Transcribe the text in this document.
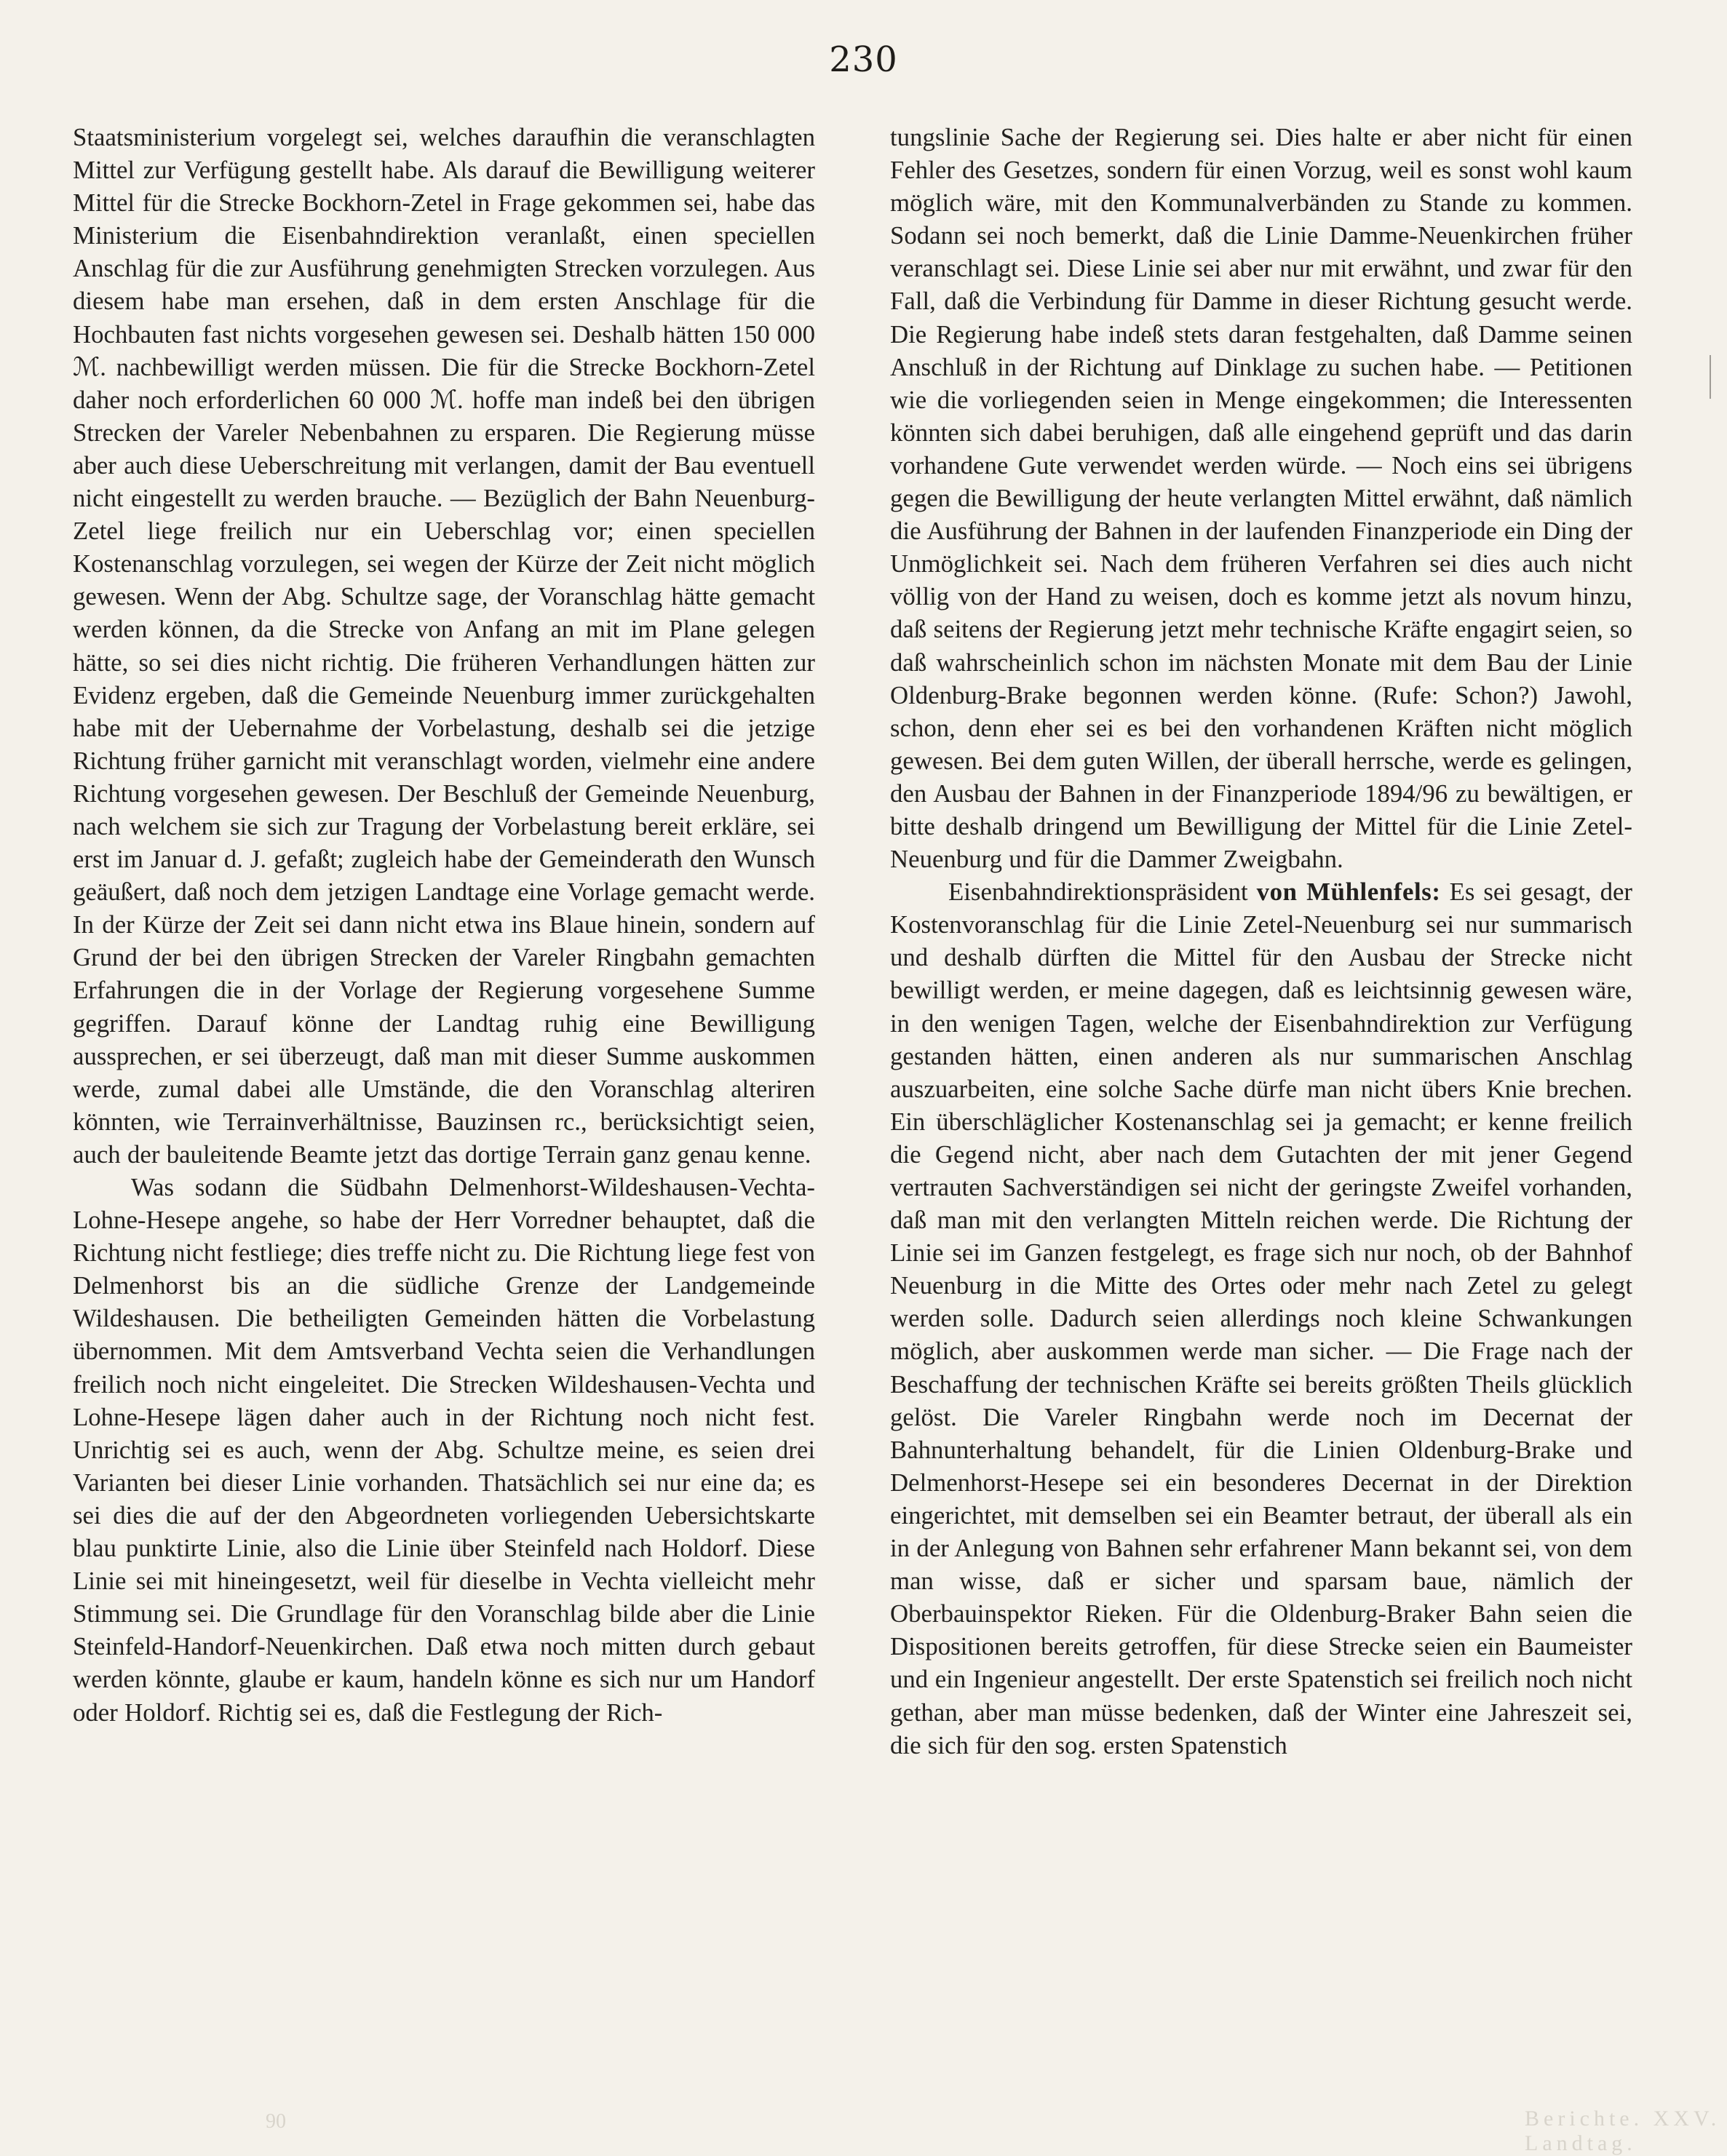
230

Staatsministerium vorgelegt sei, welches daraufhin die veranschlagten Mittel zur Verfügung gestellt habe. Als darauf die Bewilligung weiterer Mittel für die Strecke Bockhorn-Zetel in Frage gekommen sei, habe das Ministerium die Eisenbahndirektion veranlaßt, einen speciellen Anschlag für die zur Ausführung genehmigten Strecken vorzulegen. Aus diesem habe man ersehen, daß in dem ersten Anschlage für die Hochbauten fast nichts vorgesehen gewesen sei. Deshalb hätten 150 000 ℳ. nachbewilligt werden müssen. Die für die Strecke Bockhorn-Zetel daher noch erforderlichen 60 000 ℳ. hoffe man indeß bei den übrigen Strecken der Vareler Nebenbahnen zu ersparen. Die Regierung müsse aber auch diese Ueberschreitung mit verlangen, damit der Bau eventuell nicht eingestellt zu werden brauche. — Bezüglich der Bahn Neuenburg-Zetel liege freilich nur ein Ueberschlag vor; einen speciellen Kostenanschlag vorzulegen, sei wegen der Kürze der Zeit nicht möglich gewesen. Wenn der Abg. Schultze sage, der Voranschlag hätte gemacht werden können, da die Strecke von Anfang an mit im Plane gelegen hätte, so sei dies nicht richtig. Die früheren Verhandlungen hätten zur Evidenz ergeben, daß die Gemeinde Neuenburg immer zurückgehalten habe mit der Uebernahme der Vorbelastung, deshalb sei die jetzige Richtung früher garnicht mit veranschlagt worden, vielmehr eine andere Richtung vorgesehen gewesen. Der Beschluß der Gemeinde Neuenburg, nach welchem sie sich zur Tragung der Vorbelastung bereit erkläre, sei erst im Januar d. J. gefaßt; zugleich habe der Gemeinderath den Wunsch geäußert, daß noch dem jetzigen Landtage eine Vorlage gemacht werde. In der Kürze der Zeit sei dann nicht etwa ins Blaue hinein, sondern auf Grund der bei den übrigen Strecken der Vareler Ringbahn gemachten Erfahrungen die in der Vorlage der Regierung vorgesehene Summe gegriffen. Darauf könne der Landtag ruhig eine Bewilligung aussprechen, er sei überzeugt, daß man mit dieser Summe auskommen werde, zumal dabei alle Umstände, die den Voranschlag alteriren könnten, wie Terrainverhältnisse, Bauzinsen rc., berücksichtigt seien, auch der bauleitende Beamte jetzt das dortige Terrain ganz genau kenne.

Was sodann die Südbahn Delmenhorst-Wildeshausen-Vechta-Lohne-Hesepe angehe, so habe der Herr Vorredner behauptet, daß die Richtung nicht festliege; dies treffe nicht zu. Die Richtung liege fest von Delmenhorst bis an die südliche Grenze der Landgemeinde Wildeshausen. Die betheiligten Gemeinden hätten die Vorbelastung übernommen. Mit dem Amtsverband Vechta seien die Verhandlungen freilich noch nicht eingeleitet. Die Strecken Wildeshausen-Vechta und Lohne-Hesepe lägen daher auch in der Richtung noch nicht fest. Unrichtig sei es auch, wenn der Abg. Schultze meine, es seien drei Varianten bei dieser Linie vorhanden. Thatsächlich sei nur eine da; es sei dies die auf der den Abgeordneten vorliegenden Uebersichtskarte blau punktirte Linie, also die Linie über Steinfeld nach Holdorf. Diese Linie sei mit hineingesetzt, weil für dieselbe in Vechta vielleicht mehr Stimmung sei. Die Grundlage für den Voranschlag bilde aber die Linie Steinfeld-Handorf-Neuenkirchen. Daß etwa noch mitten durch gebaut werden könnte, glaube er kaum, handeln könne es sich nur um Handorf oder Holdorf. Richtig sei es, daß die Festlegung der Rich-

tungslinie Sache der Regierung sei. Dies halte er aber nicht für einen Fehler des Gesetzes, sondern für einen Vorzug, weil es sonst wohl kaum möglich wäre, mit den Kommunalverbänden zu Stande zu kommen. Sodann sei noch bemerkt, daß die Linie Damme-Neuenkirchen früher veranschlagt sei. Diese Linie sei aber nur mit erwähnt, und zwar für den Fall, daß die Verbindung für Damme in dieser Richtung gesucht werde. Die Regierung habe indeß stets daran festgehalten, daß Damme seinen Anschluß in der Richtung auf Dinklage zu suchen habe. — Petitionen wie die vorliegenden seien in Menge eingekommen; die Interessenten könnten sich dabei beruhigen, daß alle eingehend geprüft und das darin vorhandene Gute verwendet werden würde. — Noch eins sei übrigens gegen die Bewilligung der heute verlangten Mittel erwähnt, daß nämlich die Ausführung der Bahnen in der laufenden Finanzperiode ein Ding der Unmöglichkeit sei. Nach dem früheren Verfahren sei dies auch nicht völlig von der Hand zu weisen, doch es komme jetzt als novum hinzu, daß seitens der Regierung jetzt mehr technische Kräfte engagirt seien, so daß wahrscheinlich schon im nächsten Monate mit dem Bau der Linie Oldenburg-Brake begonnen werden könne. (Rufe: Schon?) Jawohl, schon, denn eher sei es bei den vorhandenen Kräften nicht möglich gewesen. Bei dem guten Willen, der überall herrsche, werde es gelingen, den Ausbau der Bahnen in der Finanzperiode 1894/96 zu bewältigen, er bitte deshalb dringend um Bewilligung der Mittel für die Linie Zetel-Neuenburg und für die Dammer Zweigbahn.

Eisenbahndirektionspräsident von Mühlenfels: Es sei gesagt, der Kostenvoranschlag für die Linie Zetel-Neuenburg sei nur summarisch und deshalb dürften die Mittel für den Ausbau der Strecke nicht bewilligt werden, er meine dagegen, daß es leichtsinnig gewesen wäre, in den wenigen Tagen, welche der Eisenbahndirektion zur Verfügung gestanden hätten, einen anderen als nur summarischen Anschlag auszuarbeiten, eine solche Sache dürfe man nicht übers Knie brechen. Ein überschläglicher Kostenanschlag sei ja gemacht; er kenne freilich die Gegend nicht, aber nach dem Gutachten der mit jener Gegend vertrauten Sachverständigen sei nicht der geringste Zweifel vorhanden, daß man mit den verlangten Mitteln reichen werde. Die Richtung der Linie sei im Ganzen festgelegt, es frage sich nur noch, ob der Bahnhof Neuenburg in die Mitte des Ortes oder mehr nach Zetel zu gelegt werden solle. Dadurch seien allerdings noch kleine Schwankungen möglich, aber auskommen werde man sicher. — Die Frage nach der Beschaffung der technischen Kräfte sei bereits größten Theils glücklich gelöst. Die Vareler Ringbahn werde noch im Decernat der Bahnunterhaltung behandelt, für die Linien Oldenburg-Brake und Delmenhorst-Hesepe sei ein besonderes Decernat in der Direktion eingerichtet, mit demselben sei ein Beamter betraut, der überall als ein in der Anlegung von Bahnen sehr erfahrener Mann bekannt sei, von dem man wisse, daß er sicher und sparsam baue, nämlich der Oberbauinspektor Rieken. Für die Oldenburg-Braker Bahn seien die Dispositionen bereits getroffen, für diese Strecke seien ein Baumeister und ein Ingenieur angestellt. Der erste Spatenstich sei freilich noch nicht gethan, aber man müsse bedenken, daß der Winter eine Jahreszeit sei, die sich für den sog. ersten Spatenstich

90	Berichte. XXV. Landtag.
